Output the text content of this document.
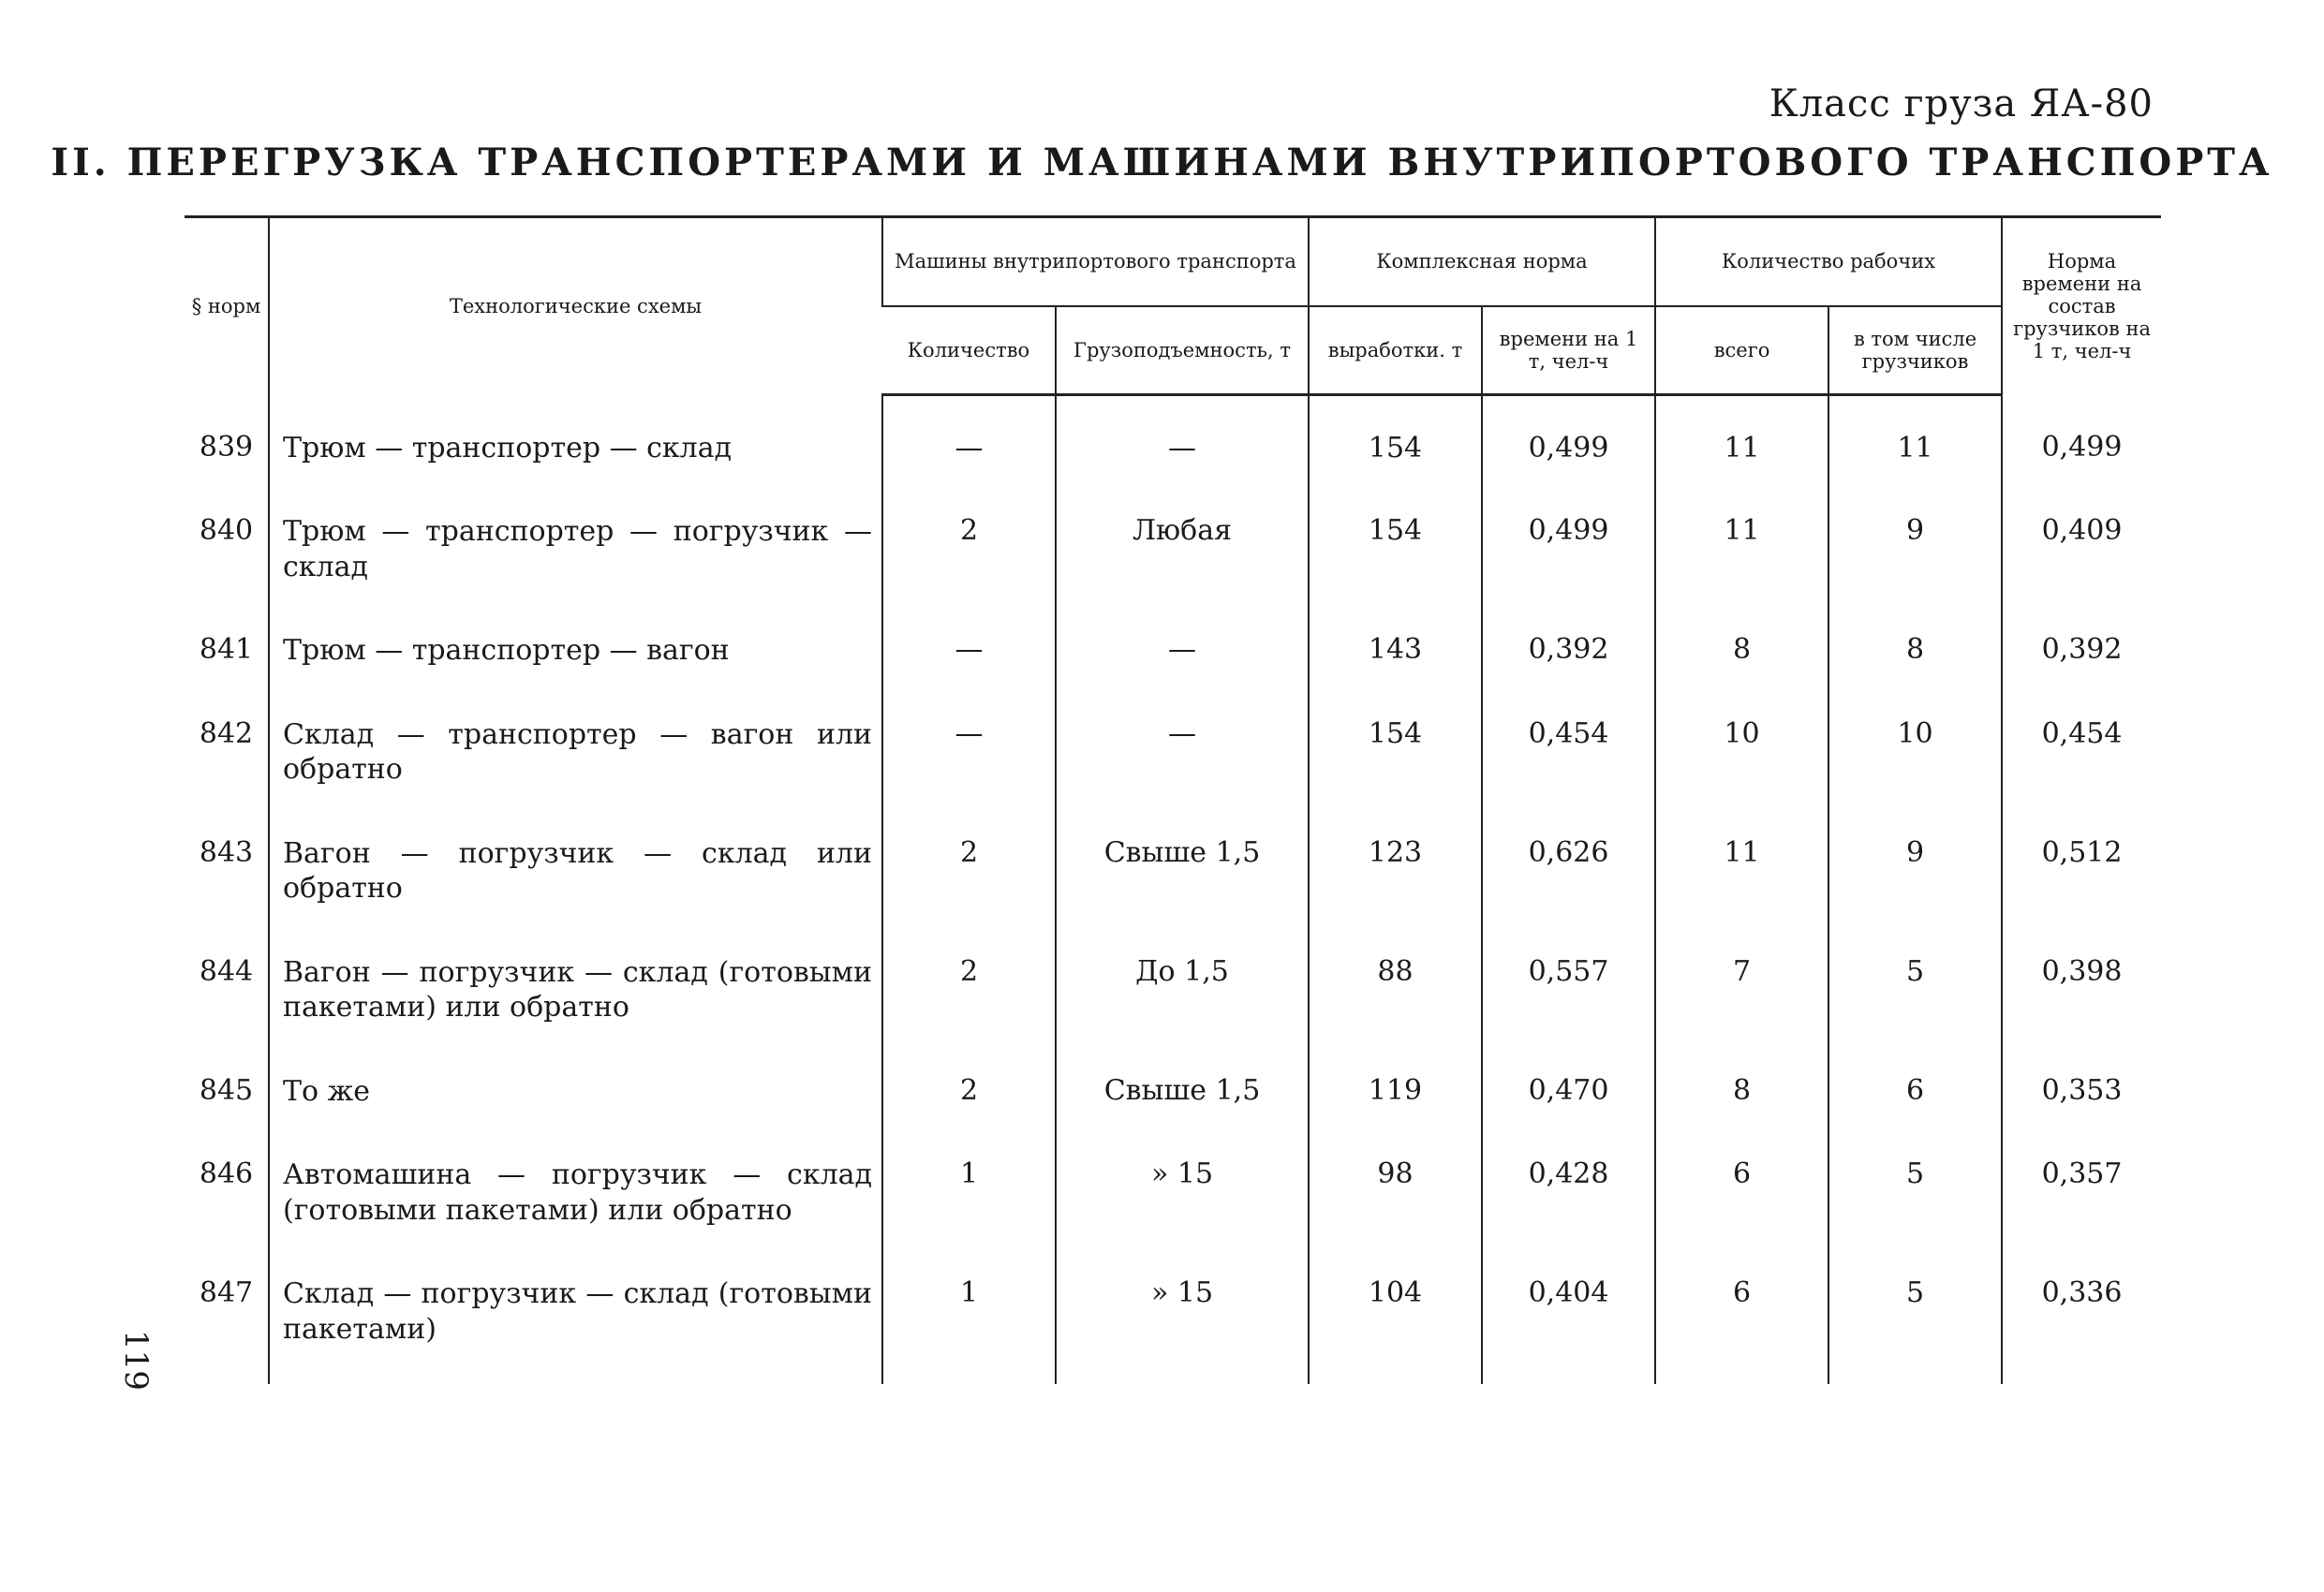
Класс груза ЯА-80
II. ПЕРЕГРУЗКА ТРАНСПОРТЕРАМИ И МАШИНАМИ ВНУТРИПОРТОВОГО ТРАНСПОРТА
119
§ норм	Технологические схемы	Машины внутрипортового транспорта		Комплексная норма		Количество рабочих		Норма времени на состав грузчиков на 1 т, чел-ч
		Количество	Грузоподъемность, т	выработки. т	времени на 1 т, чел-ч	всего	в том числе грузчиков	
839	Трюм — транспортер — склад	—	—	154	0,499	11	11	0,499
840	Трюм — транспортер — погрузчик — склад	2	Любая	154	0,499	11	9	0,409
841	Трюм — транспортер — вагон	—	—	143	0,392	8	8	0,392
842	Склад — транспортер — вагон или обратно	—	—	154	0,454	10	10	0,454
843	Вагон — погрузчик — склад или обратно	2	Свыше 1,5	123	0,626	11	9	0,512
844	Вагон — погрузчик — склад (готовыми пакетами) или обратно	2	До 1,5	88	0,557	7	5	0,398
845	То же	2	Свыше 1,5	119	0,470	8	6	0,353
846	Автомашина — погрузчик — склад (готовыми пакетами) или обратно	1	» 15	98	0,428	6	5	0,357
847	Склад — погрузчик — склад (готовыми пакетами)	1	» 15	104	0,404	6	5	0,336
